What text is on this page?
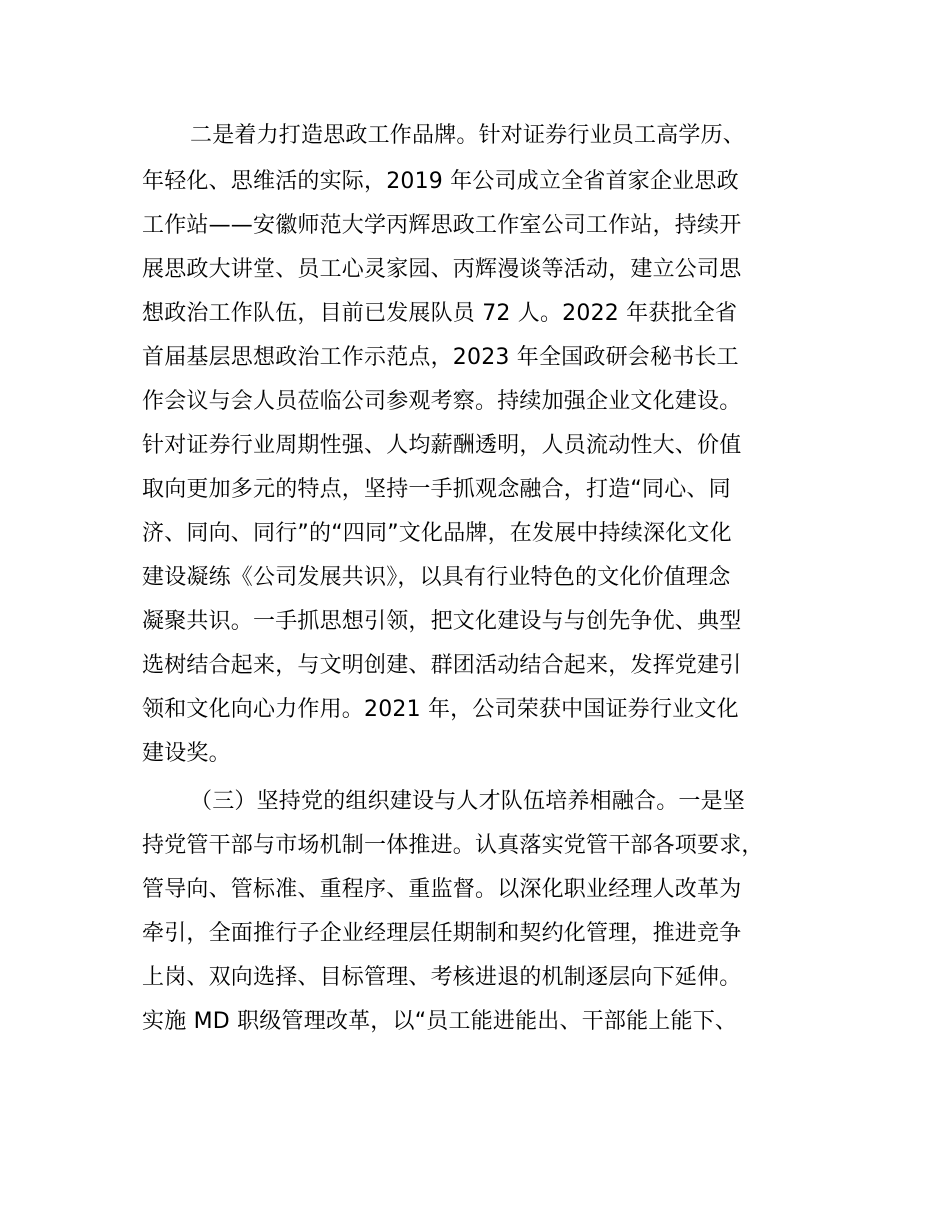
二是着力打造思政工作品牌。针对证券行业员工高学历、
年轻化、思维活的实际，2019 年公司成立全省首家企业思政
工作站——安徽师范大学丙辉思政工作室公司工作站，持续开
展思政大讲堂、员工心灵家园、丙辉漫谈等活动，建立公司思
想政治工作队伍，目前已发展队员 72 人。2022 年获批全省
首届基层思想政治工作示范点，2023 年全国政研会秘书长工
作会议与会人员莅临公司参观考察。持续加强企业文化建设。
针对证券行业周期性强、人均薪酬透明，人员流动性大、价值
取向更加多元的特点，坚持一手抓观念融合，打造“同心、同
济、同向、同行”的“四同”文化品牌，在发展中持续深化文化
建设凝练《公司发展共识》，以具有行业特色的文化价值理念
凝聚共识。一手抓思想引领，把文化建设与与创先争优、典型
选树结合起来，与文明创建、群团活动结合起来，发挥党建引
领和文化向心力作用。2021 年，公司荣获中国证券行业文化
建设奖。
（三）坚持党的组织建设与人才队伍培养相融合。一是坚
持党管干部与市场机制一体推进。认真落实党管干部各项要求，
管导向、管标准、重程序、重监督。以深化职业经理人改革为
牵引，全面推行子企业经理层任期制和契约化管理，推进竞争
上岗、双向选择、目标管理、考核进退的机制逐层向下延伸。
实施 MD 职级管理改革，以“员工能进能出、干部能上能下、
